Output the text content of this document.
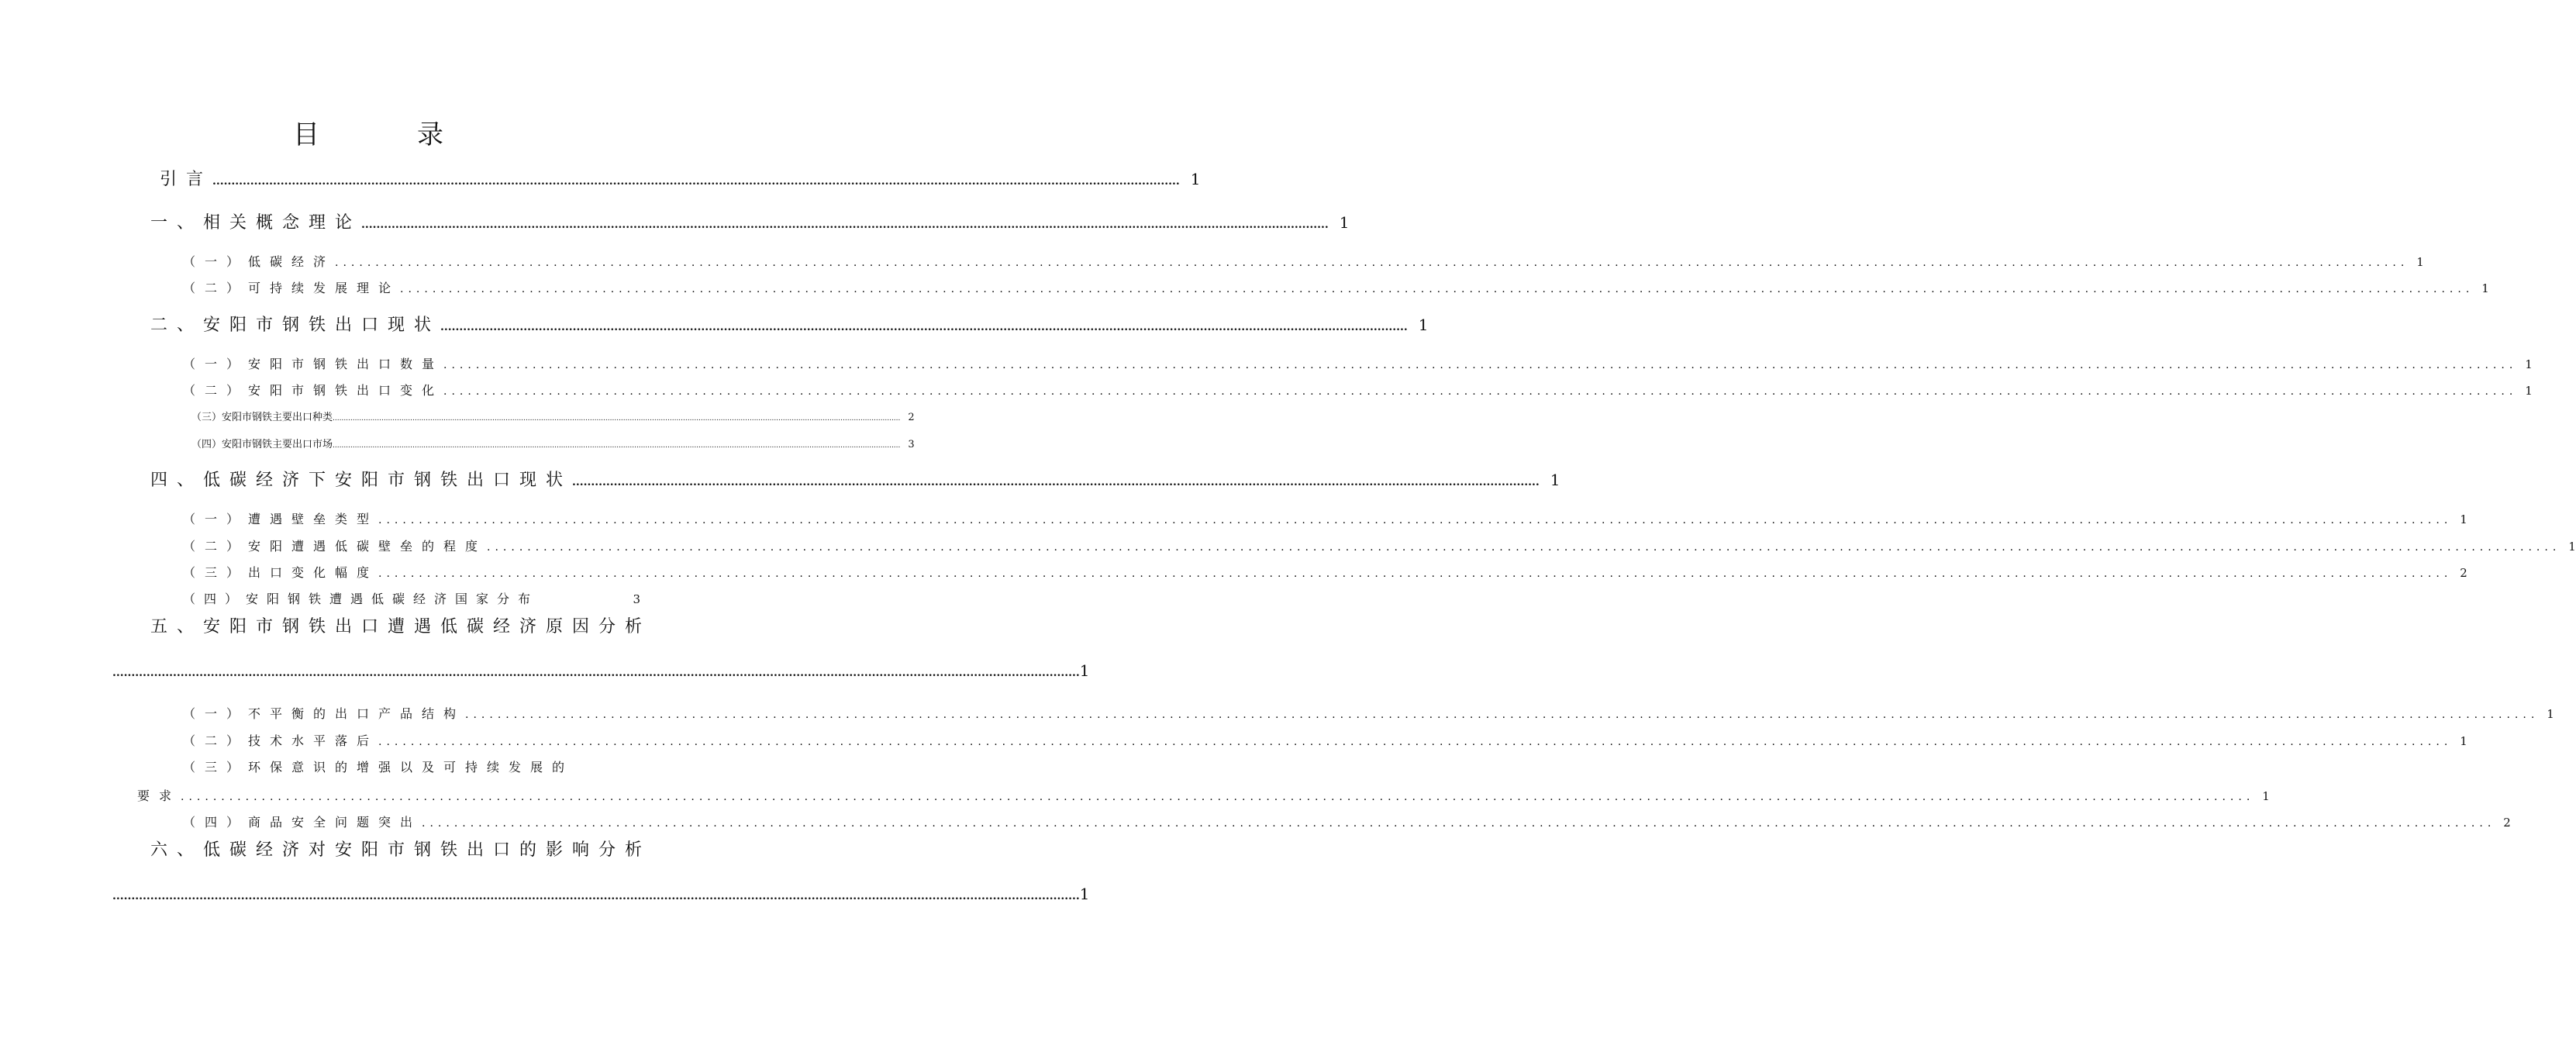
目　录
引言 ................................................................................................................................................................................................................................................................ 1
一、相关概念理论 ................................................................................................................................................................................................................................................................ 1
（一）低碳经济 ................................................................................................................................................................................................................................................................ 1
（二）可持续发展理论 ................................................................................................................................................................................................................................................................ 1
二、安阳市钢铁出口现状 ................................................................................................................................................................................................................................................................ 1
（一）安阳市钢铁出口数量 ................................................................................................................................................................................................................................................................ 1
（二）安阳市钢铁出口变化 ................................................................................................................................................................................................................................................................ 1
（三）安阳市钢铁主要出口种类 ................................................................................................................................................................................................................................................................ 2
（四）安阳市钢铁主要出口市场 ................................................................................................................................................................................................................................................................ 3
四、低碳经济下安阳市钢铁出口现状 ................................................................................................................................................................................................................................................................ 1
（一）遭遇壁垒类型 ................................................................................................................................................................................................................................................................ 1
（二）安阳遭遇低碳壁垒的程度 ................................................................................................................................................................................................................................................................ 1
（三）出口变化幅度 ................................................................................................................................................................................................................................................................ 2
（四）安阳钢铁遭遇低碳经济国家分布	3
五、安阳市钢铁出口遭遇低碳经济原因分析
................................................................................................................................................................................................................................................................ 1
（一）不平衡的出口产品结构 ................................................................................................................................................................................................................................................................ 1
（二）技术水平落后 ................................................................................................................................................................................................................................................................ 1
（三）环保意识的增强以及可持续发展的
要求 ................................................................................................................................................................................................................................................................ 1
（四）商品安全问题突出 ................................................................................................................................................................................................................................................................ 2
六、低碳经济对安阳市钢铁出口的影响分析
................................................................................................................................................................................................................................................................ 1
